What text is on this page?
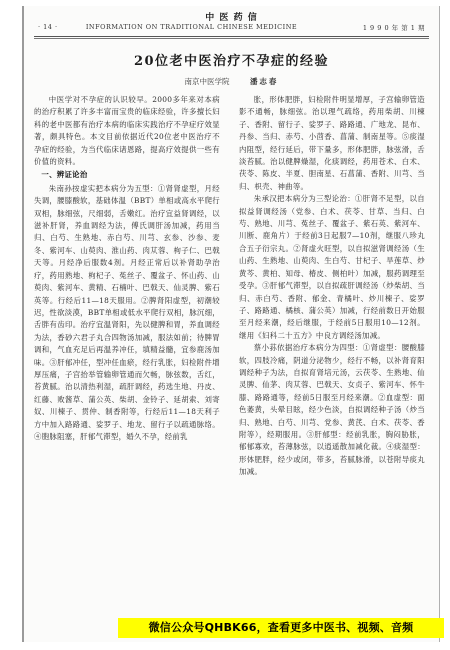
中 医 药 信
· 14 ·	INFORMATION ON TRADITIONAL CHINESE MEDICINE	1 9 9 0 年 第 1 期
20位老中医治疗不孕症的经验
南京中医学院	潘志春

中医学对不孕症的认识较早。2000多年来对本病的治疗积累了许多丰富而宝贵的临床经验，许多擅长妇科的老中医都有治疗本病的临床实践治疗不孕症疗效显著，颇具特色。本文目前依据近代20位老中医治疗不孕症的经验，为当代临床诸恩路，提高疗效提供一些有价值的资料。

一、辨证论治

朱南孙按虚实把本病分为五型：①肾肾虚型，月经失调，腰膝酸软，基础体温（BBT）单相或高水平爬行双相，脉细弦，尺细弱，舌嫩红。治疗宜益肾调经，以滋补肝肾，养血调经为法，傅氏调肝汤加减，药用当归、白芍、生熟地、赤白芍、川芎、玄参、沙参、麦冬、紫河车、山萸肉、淮山药、肉苁蓉、枸子仁、巴戟天等。月经净后服数4剂。月经正常后以补肾助孕治疗，药用熟地、枸杞子、菟丝子、覆盆子、怀山药、山萸肉、紫河车、黄精、石楠叶、巴戟天、仙灵脾、紫石英等。行经后11—18天服用。②脾肾阳虚型，初潮较迟，性欲淡漠，BBT单相或低水平爬行双相，脉沉细，舌胖有齿印。治疗宜温肾阳，先以健脾和胃，养血调经为法，香砂六君子丸合四物汤加减，服法如前；待脾胃调和，气血充足后再温养冲任，填精益髓，宜参鹿汤加味。③肝郁冲任，型冲任血瘀，经行乳胀，妇检附件增厚压痛，子宫抬举管输卵管通而欠畅，脉弦数，舌红，苔黄腻。治以清热利湿，疏肝调经，药选生地、丹皮、红藤、败酱草、蒲公英、柴胡、金铃子、延胡索、刘寄奴、川楝子、贯仲、制香附等，行经后11—18天利子方中加入路路通、娑罗子、地龙、留行子以疏通脉络。④胞脉阻塞，肝郁气滞型，婚久不孕，经前乳

胀，形体肥胖，妇检附件明显增厚，子宫输卵管造影不通畅，脉细弦。治以理气疏络，药用柴胡、川楝子、香附、留行子、娑罗子、路路通、广地龙、昆布、丹参、当归、赤芍、小茴香、菖蒲、制南星等。⑤痰湿内阻型，经行延后，带下量多，形体肥胖，脉弦滑，舌淡苔腻。治以健脾燥湿，化痰调经，药用苍术、白术、茯苓、陈皮、半夏、胆南星、石菖蒲、香附、川芎、当归、枳壳、神曲等。

朱承汉把本病分为三型论治：①肝肾不足型，以自拟益肾调经汤（党参、白术、茯苓、甘草、当归、白芍、熟地、川芎、菟丝子、覆盆子、紫石英、紫河车、川断、鹿角片）于经前3日起服7—10剂，继服八珍丸合五子衍宗丸。②肾虚火旺型，以自拟滋肾调经汤（生山药、生熟地、山萸肉、生白芍、甘杞子、旱莲草、炒黄芩、黄柏、知母、椿皮、侧柏叶）加减，服药调理至受孕。③肝郁气滞型，以自拟疏肝调经汤（炒柴胡、当归、赤白芍、香附、郁金、青橘叶、炒川楝子、娑罗子、路路通、橘核、蒲公英）加减，行经前数日开始服至月经来潮，经后继服，于经前5日服用10—12剂。继用《妇科二十五方》中良方调经汤加减。

蔡小荪依据治疗本病分为四型：①肾虚型：腰酸膝软，四肢冷痛，阴道分泌物少，经行不畅，以补肾育阳调经种子为法，自拟育肾培元汤，云茯苓、生熟地、仙灵脾、仙茅、肉苁蓉、巴戟天、女贞子、紫河车、怀牛膝、路路通等，经前5日服至月经来潮。②血虚型：面色萎黄，头晕目眩，经少色淡，自拟调经种子汤（炒当归、熟地、白芍、川芎、党参、黄芪、白术、茯苓、香附等），经期服用。③肝郁型：经前乳胀，胸闷胁胀，郁郁寡欢，苔薄脉弦，以逍遥散加减化裁。④痰湿型：形体肥胖，经少或闭，带多，苔腻脉滑，以苍附导痰丸加减。

微信公众号QHBK66，查看更多中医书、视频、音频
